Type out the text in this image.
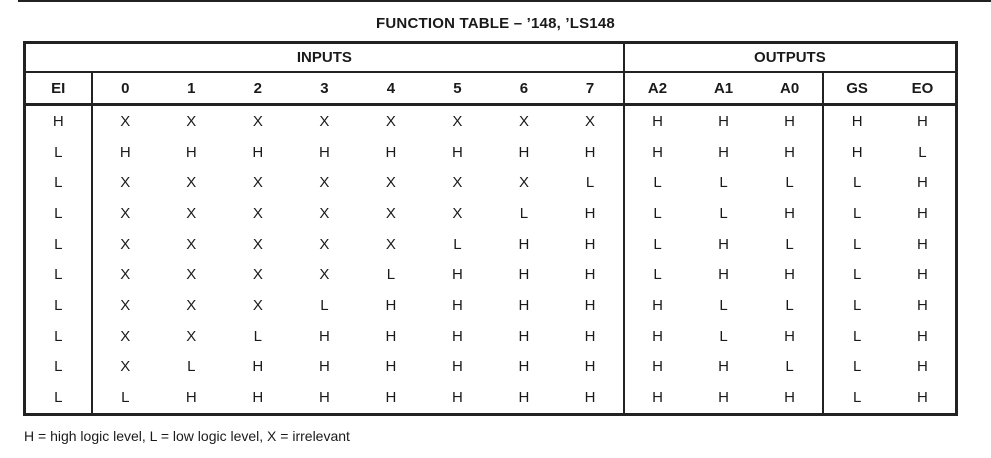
FUNCTION TABLE – ’148, ’LS148
INPUTS									OUTPUTS				
EI	0	1	2	3	4	5	6	7	A2	A1	A0	GS	EO
H	X	X	X	X	X	X	X	X	H	H	H	H	H
L	H	H	H	H	H	H	H	H	H	H	H	H	L
L	X	X	X	X	X	X	X	L	L	L	L	L	H
L	X	X	X	X	X	X	L	H	L	L	H	L	H
L	X	X	X	X	X	L	H	H	L	H	L	L	H
L	X	X	X	X	L	H	H	H	L	H	H	L	H
L	X	X	X	L	H	H	H	H	H	L	L	L	H
L	X	X	L	H	H	H	H	H	H	L	H	L	H
L	X	L	H	H	H	H	H	H	H	H	L	L	H
L	L	H	H	H	H	H	H	H	H	H	H	L	H
H = high logic level, L = low logic level, X = irrelevant
